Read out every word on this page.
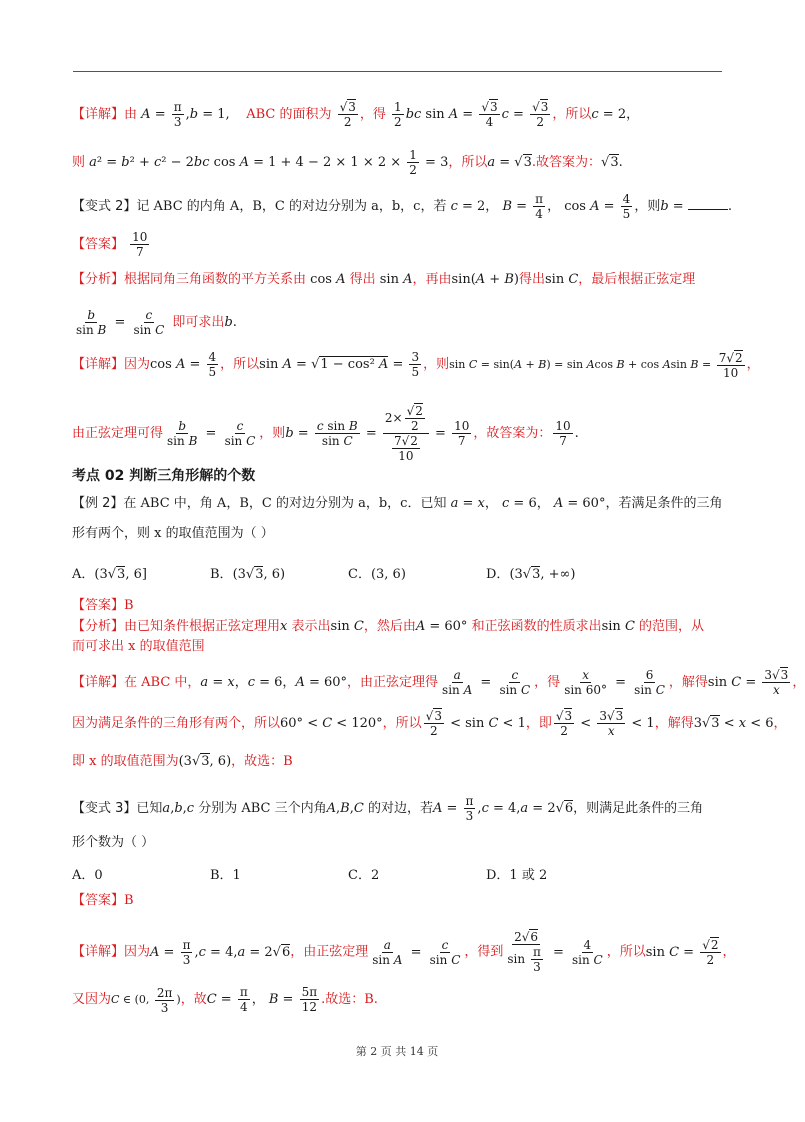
【详解】由 $A = \frac{\pi}{3} ,b = 1$,    ABC 的面积为 $\frac{√3}{2}$ ，得 $\frac{1}{2}$ bc $\sin A = \frac{√3}{4}$ $c = \frac{√3}{2}$ ，所以c = 2，
则 a² = b² + c² − 2bc $\cos A = 1 + 4 - 2 \times 1 \times 2 \times \frac{1}{2} = 3$，所以a = √3.故答案为：√3.
【变式 2】记 ABC 的内角 A，B，C 的对边分别为 a，b，c，若 c = 2， $B = \frac{\pi}{4}$ ， $\cos A = \frac{4}{5}$ ，则b =	.
【答案】 $\frac{10}{7}$
【分析】根据同角三角函数的平方关系由 cos A 得出 sin A，再由sin(A + B)得出sin C，最后根据正弦定理
$\frac{b}{\text{sin B}} = \frac{c}{\text{sin C}}$ 即可求出b.
【详解】因为$\cos A = \frac{4}{5}$ ，所以sin A = √1 − cos² $A = \frac{3}{5}$ ，则sin C = sin(A + B) = sin Acos B + cos Asin $B = \frac{7√2}{10}$ ，
由正弦定理可得 $\frac{b}{\text{sin B}} = \frac{c}{\text{sin C}}$ ，则$b = \frac{\text{c sin B}}{\text{sin C}} = \frac{2\times \frac{√2}{2}}{\frac{7√2}{10}} = \frac{10}{7}$ ，故答案为： $\frac{10}{7}$ .
考点 02 判断三角形解的个数
【例 2】在 ABC 中，角 A，B，C 的对边分别为 a，b，c．已知 a = x， c = 6， A = 60°，若满足条件的三角
形有两个，则 x 的取值范围为（ ）
A．(3√3, 6]	B．(3√3, 6)	C．(3, 6)	D．(3√3, +∞)
【答案】B
【分析】由已知条件根据正弦定理用x 表示出sin C，然后由A = 60° 和正弦函数的性质求出sin C 的范围，从
而可求出 x 的取值范围
【详解】在 ABC 中，a = x，c = 6，A = 60°，由正弦定理得 $\frac{a}{\text{sin A}} = \frac{c}{\text{sin C}}$ ，得 $\frac{x}{\sin 60^\circ} = \frac{6}{\text{sin C}}$ ，解得$\sin C = \frac{3√3}{x}$ ，
因为满足条件的三角形有两个，所以60° < C < 120°，所以 $\frac{√3}{2} < \sin C < 1$，即 $\frac{√3}{2} < \frac{3√3}{x} < 1$，解得3√3 < x < 6，
即 x 的取值范围为(3√3, 6)，故选：B
【变式 3】已知a,b,c 分别为 ABC 三个内角A,B,C 的对边，若$A = \frac{\pi}{3} ,c = 4,a = 2√6$，则满足此条件的三角
形个数为（ ）
A．0	B．1	C．2	D．1 或 2
【答案】B
【详解】因为$A = \frac{\pi}{3} ,c = 4,a = 2√6$，由正弦定理 $\frac{a}{\text{sin A}} = \frac{c}{\text{sin C}}$ ，得到 $\frac{2√6}{\sin \frac{\pi}{3}} = \frac{4}{\text{sin C}}$ ，所以$\sin C = \frac{√2}{2}$ ，
又因为C ∈ (0, $\frac{2\pi}{3}$ )，故$C = \frac{\pi}{4}$ ， $B = \frac{5\pi}{12}$ .故选：B.
第 2 页 共 14 页
